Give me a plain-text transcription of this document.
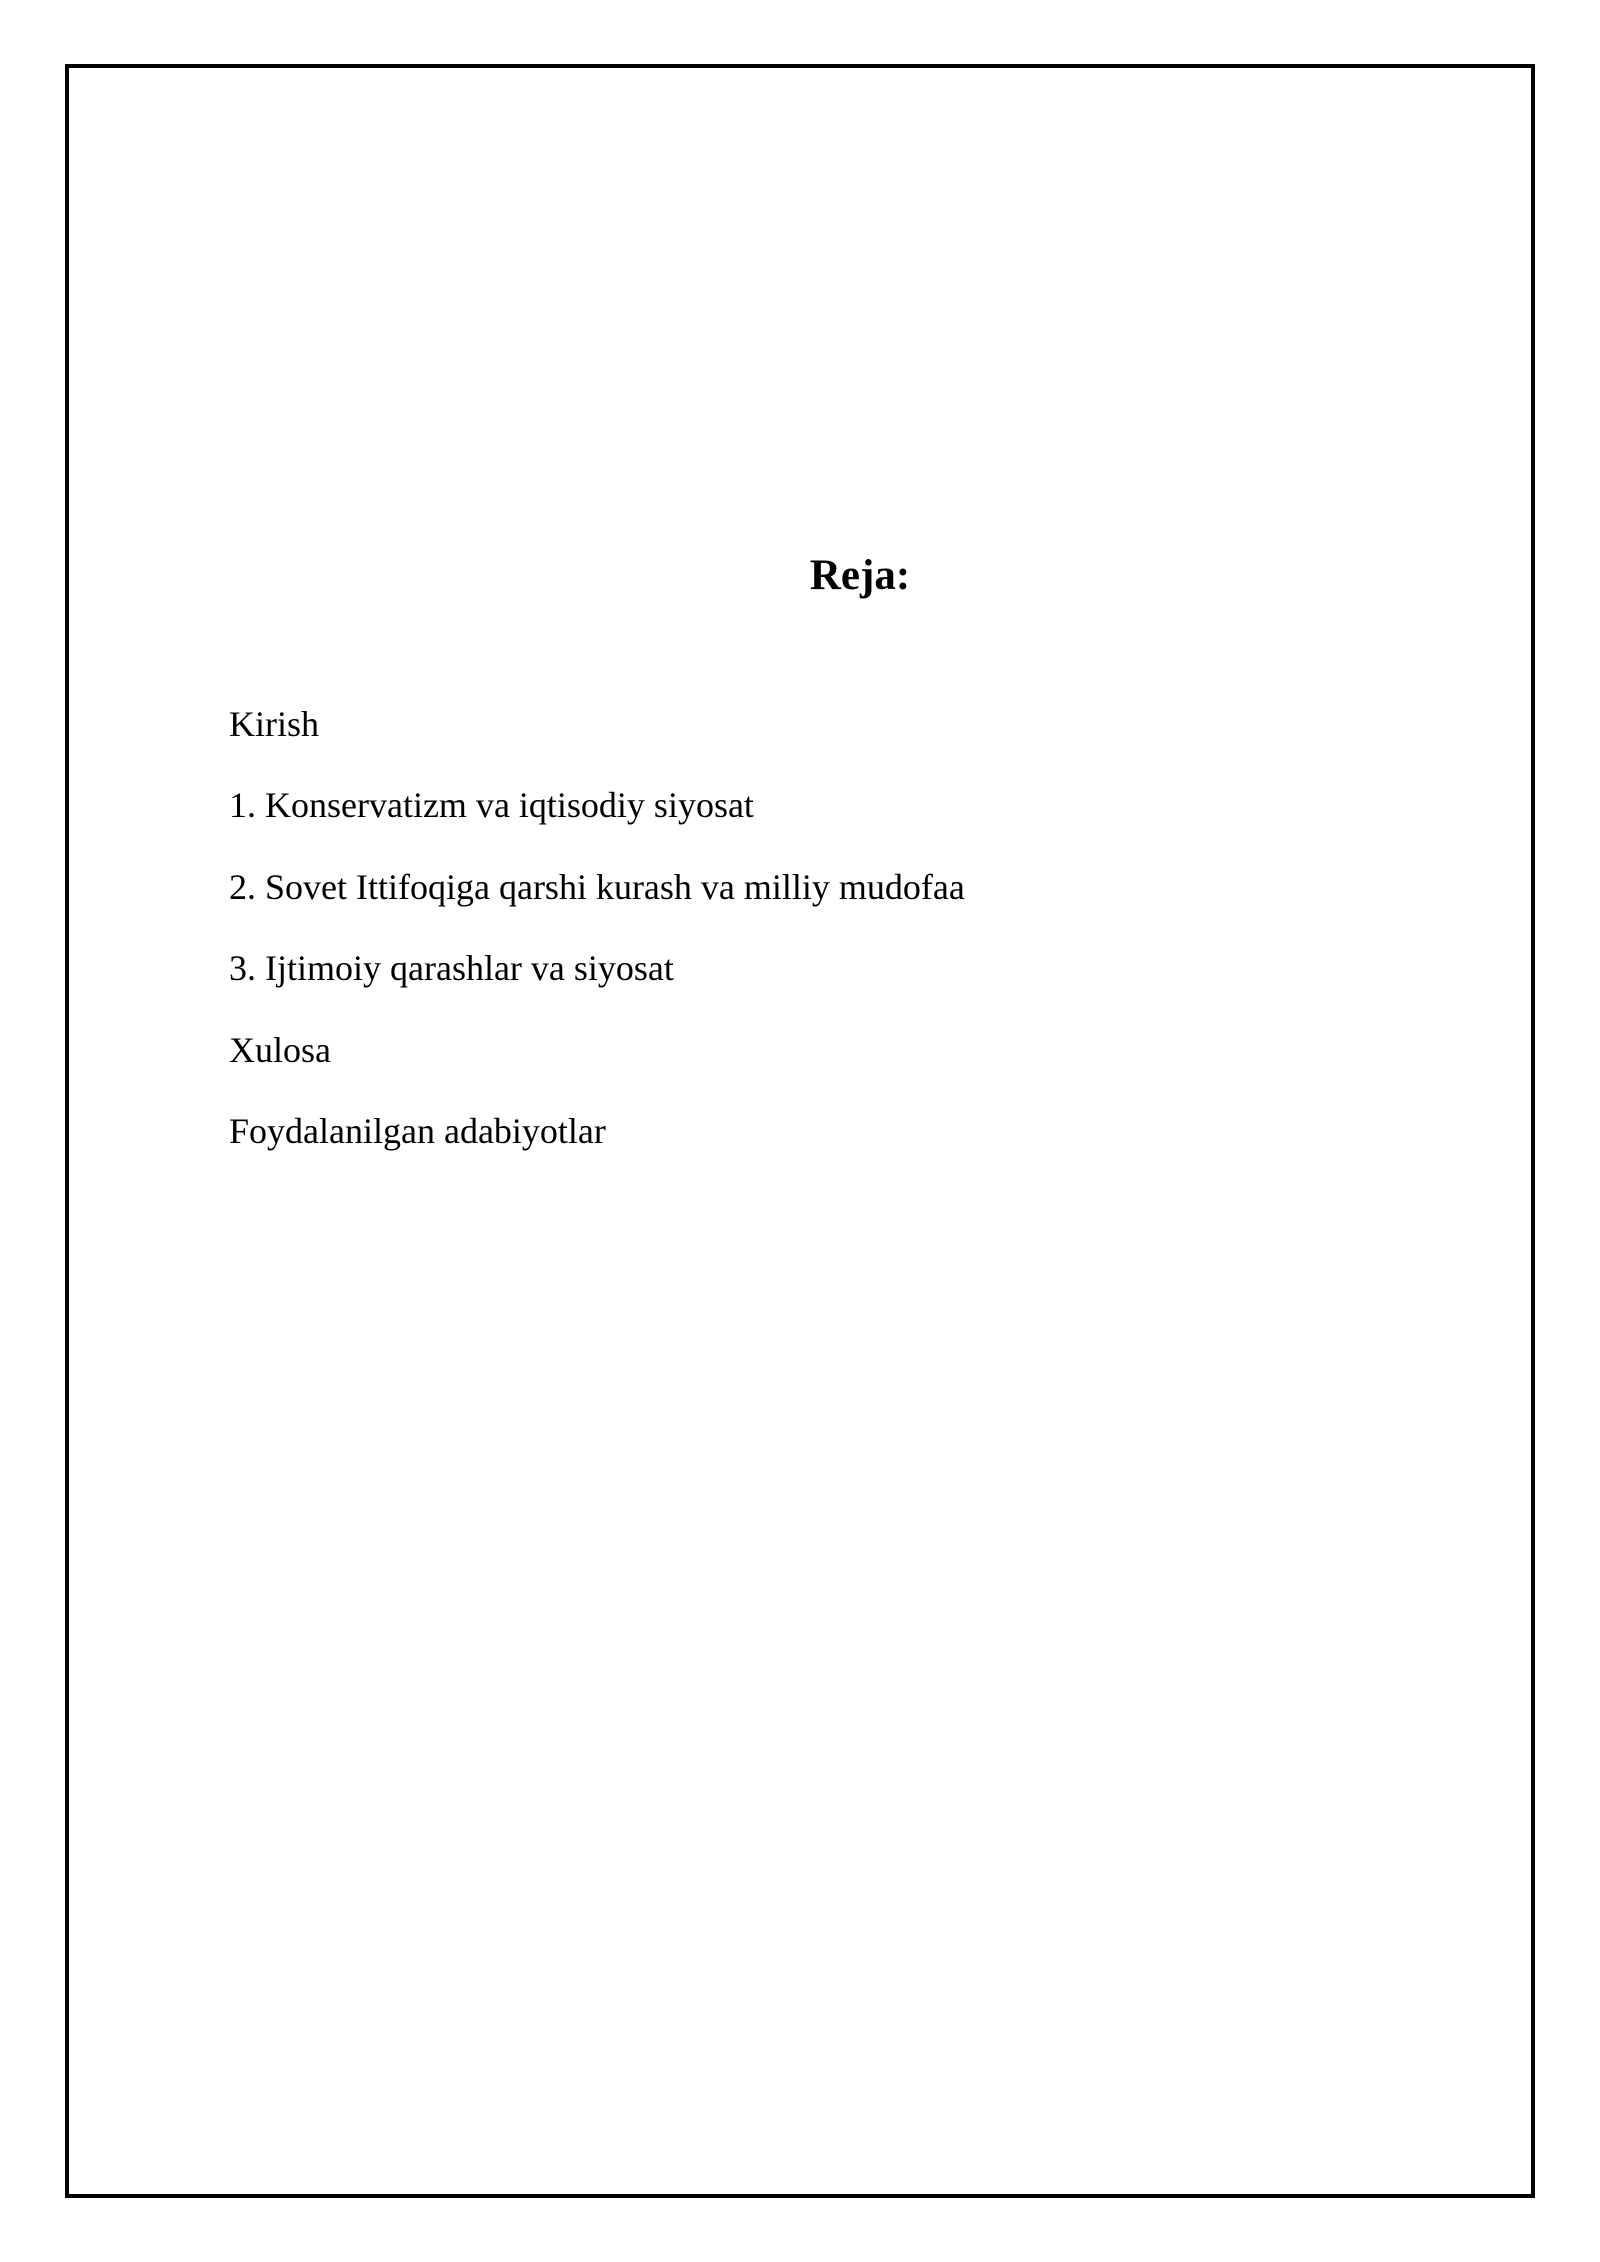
Reja:
Kirish
1. Konservatizm va iqtisodiy siyosat
2. Sovet Ittifoqiga qarshi kurash va milliy mudofaa
3. Ijtimoiy qarashlar va siyosat
Xulosa
Foydalanilgan adabiyotlar
